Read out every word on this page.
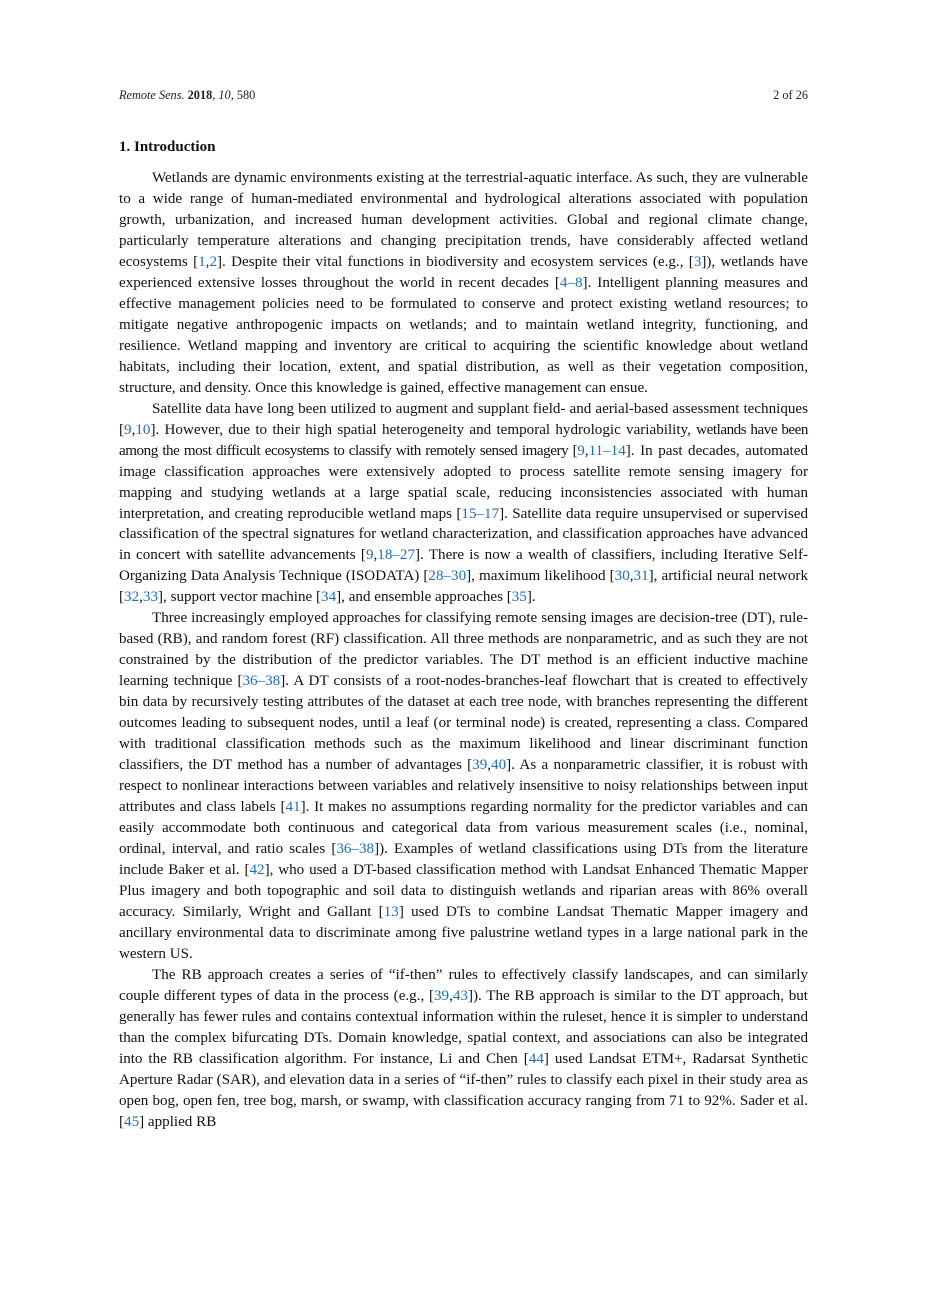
Remote Sens. 2018, 10, 580	2 of 26
1. Introduction

Wetlands are dynamic environments existing at the terrestrial-aquatic interface. As such, they are vulnerable to a wide range of human-mediated environmental and hydrological alterations associated with population growth, urbanization, and increased human development activities. Global and regional climate change, particularly temperature alterations and changing precipitation trends, have considerably affected wetland ecosystems [1,2]. Despite their vital functions in biodiversity and ecosystem services (e.g., [3]), wetlands have experienced extensive losses throughout the world in recent decades [4–8]. Intelligent planning measures and effective management policies need to be formulated to conserve and protect existing wetland resources; to mitigate negative anthropogenic impacts on wetlands; and to maintain wetland integrity, functioning, and resilience. Wetland mapping and inventory are critical to acquiring the scientific knowledge about wetland habitats, including their location, extent, and spatial distribution, as well as their vegetation composition, structure, and density. Once this knowledge is gained, effective management can ensue.

Satellite data have long been utilized to augment and supplant field- and aerial-based assessment techniques [9,10]. However, due to their high spatial heterogeneity and temporal hydrologic variability, wetlands have been among the most difficult ecosystems to classify with remotely sensed imagery [9,11–14]. In past decades, automated image classification approaches were extensively adopted to process satellite remote sensing imagery for mapping and studying wetlands at a large spatial scale, reducing inconsistencies associated with human interpretation, and creating reproducible wetland maps [15–17]. Satellite data require unsupervised or supervised classification of the spectral signatures for wetland characterization, and classification approaches have advanced in concert with satellite advancements [9,18–27]. There is now a wealth of classifiers, including Iterative Self-Organizing Data Analysis Technique (ISODATA) [28–30], maximum likelihood [30,31], artificial neural network [32,33], support vector machine [34], and ensemble approaches [35].

Three increasingly employed approaches for classifying remote sensing images are decision-tree (DT), rule-based (RB), and random forest (RF) classification. All three methods are nonparametric, and as such they are not constrained by the distribution of the predictor variables. The DT method is an efficient inductive machine learning technique [36–38]. A DT consists of a root-nodes-branches-leaf flowchart that is created to effectively bin data by recursively testing attributes of the dataset at each tree node, with branches representing the different outcomes leading to subsequent nodes, until a leaf (or terminal node) is created, representing a class. Compared with traditional classification methods such as the maximum likelihood and linear discriminant function classifiers, the DT method has a number of advantages [39,40]. As a nonparametric classifier, it is robust with respect to nonlinear interactions between variables and relatively insensitive to noisy relationships between input attributes and class labels [41]. It makes no assumptions regarding normality for the predictor variables and can easily accommodate both continuous and categorical data from various measurement scales (i.e., nominal, ordinal, interval, and ratio scales [36–38]). Examples of wetland classifications using DTs from the literature include Baker et al. [42], who used a DT-based classification method with Landsat Enhanced Thematic Mapper Plus imagery and both topographic and soil data to distinguish wetlands and riparian areas with 86% overall accuracy. Similarly, Wright and Gallant [13] used DTs to combine Landsat Thematic Mapper imagery and ancillary environmental data to discriminate among five palustrine wetland types in a large national park in the western US.

The RB approach creates a series of “if-then” rules to effectively classify landscapes, and can similarly couple different types of data in the process (e.g., [39,43]). The RB approach is similar to the DT approach, but generally has fewer rules and contains contextual information within the ruleset, hence it is simpler to understand than the complex bifurcating DTs. Domain knowledge, spatial context, and associations can also be integrated into the RB classification algorithm. For instance, Li and Chen [44] used Landsat ETM+, Radarsat Synthetic Aperture Radar (SAR), and elevation data in a series of “if-then” rules to classify each pixel in their study area as open bog, open fen, tree bog, marsh, or swamp, with classification accuracy ranging from 71 to 92%. Sader et al. [45] applied RB
